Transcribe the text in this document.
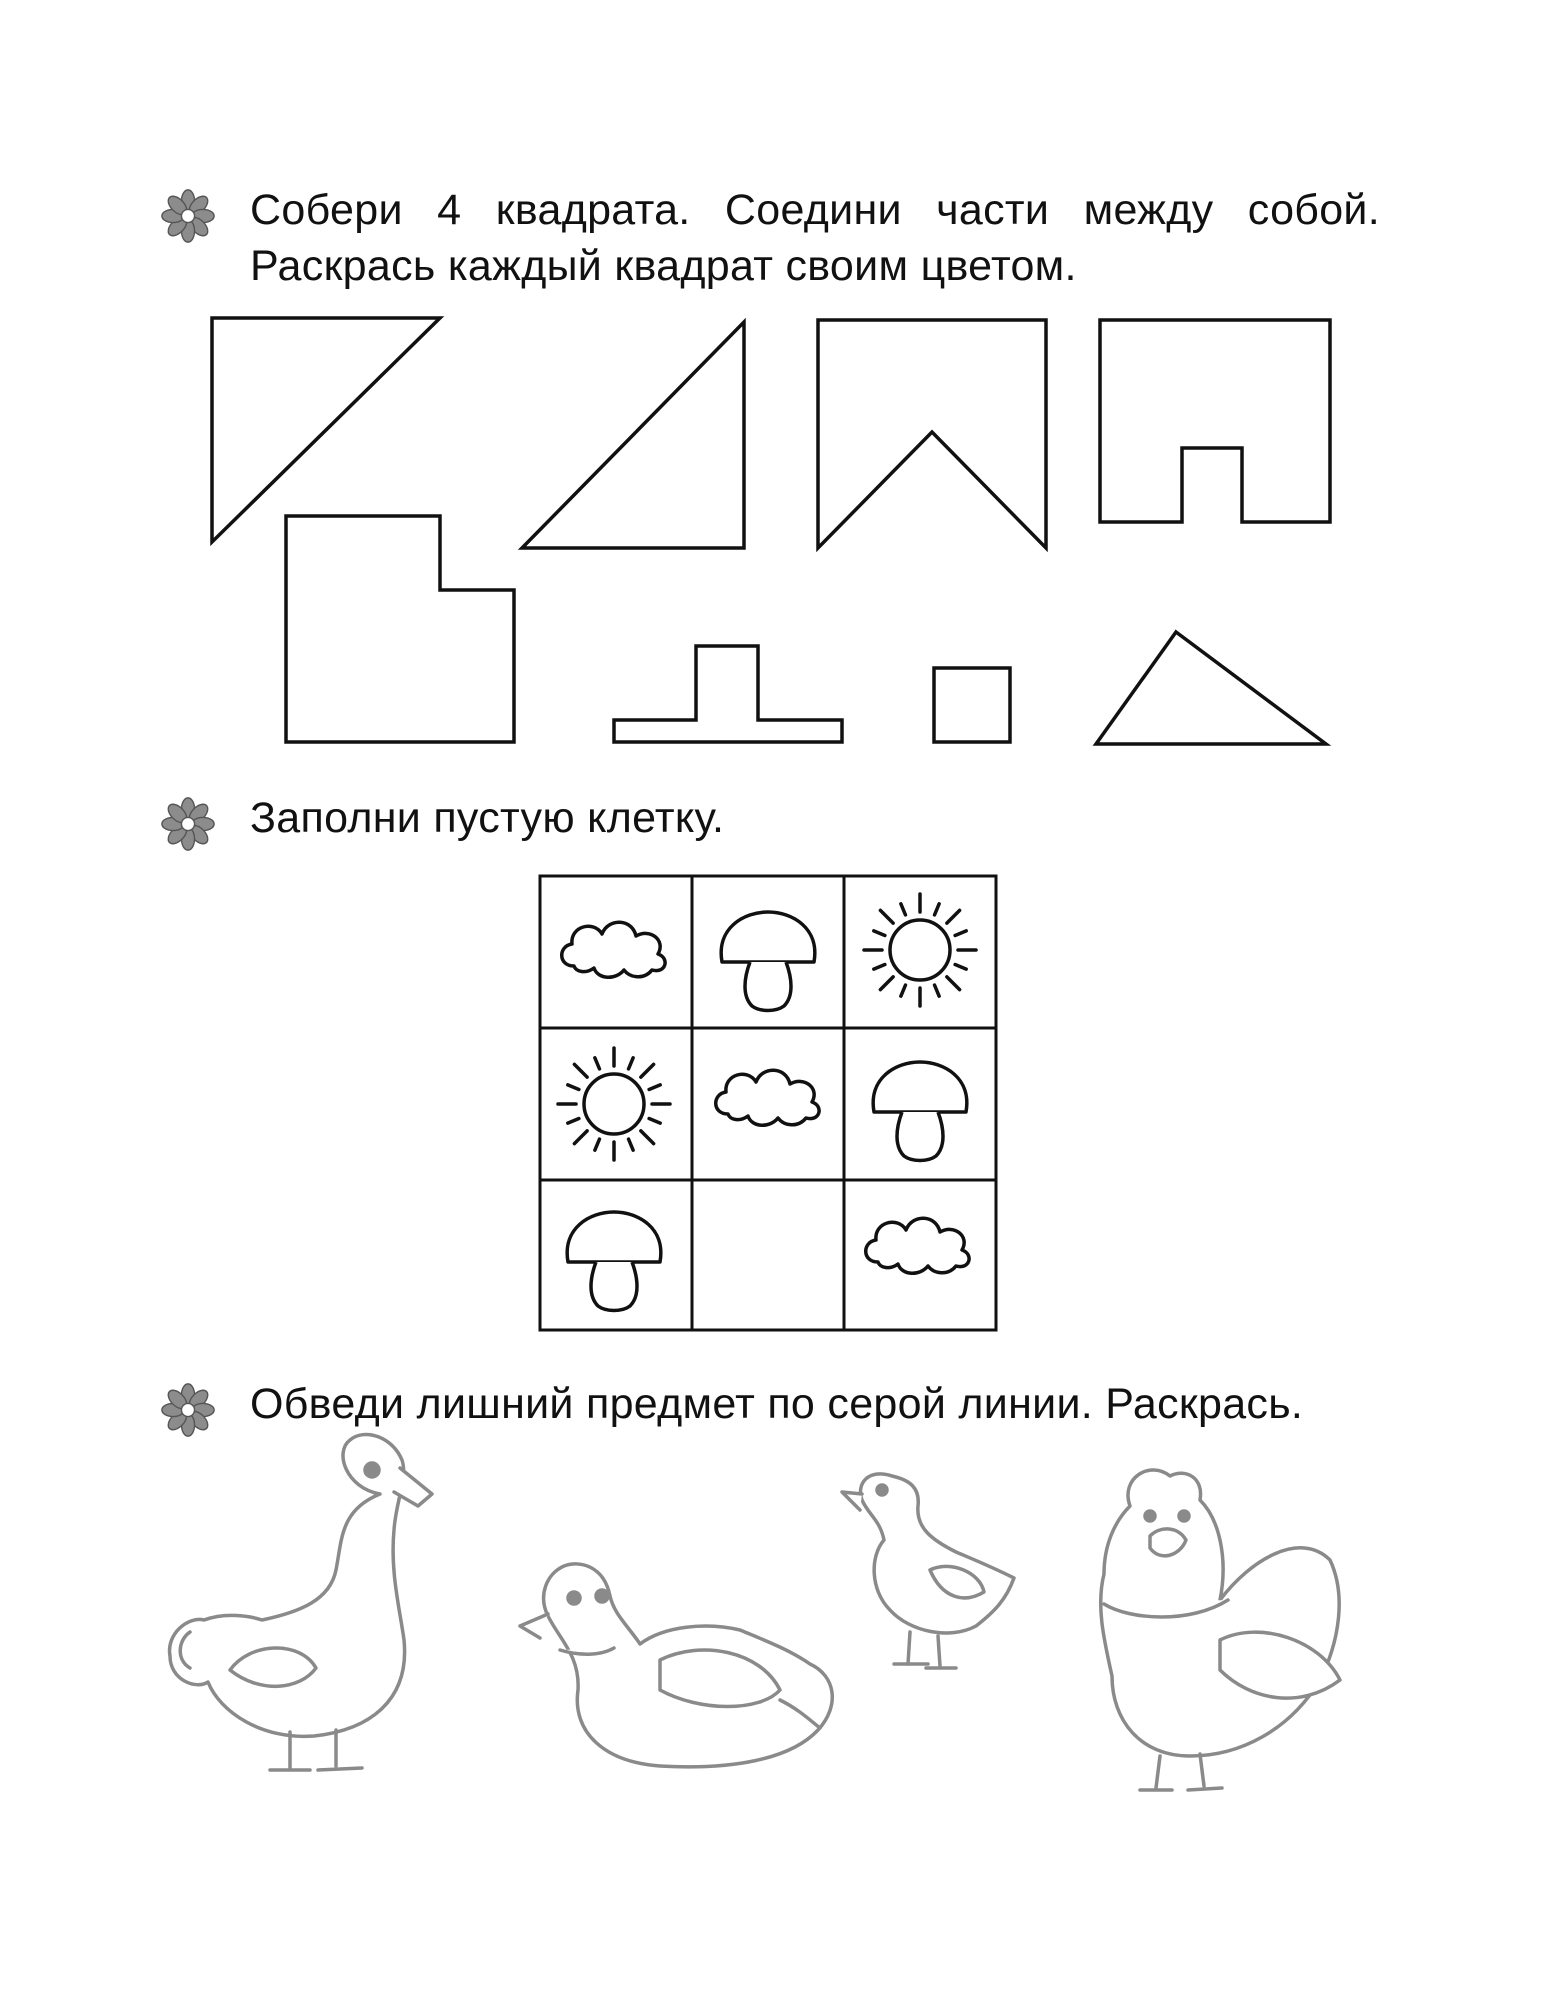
Собери 4 квадрата. Соедини части между собой.
Раскрась каждый квадрат своим цветом.
Заполни пустую клетку.
Обведи лишний предмет по серой линии. Раскрась.
